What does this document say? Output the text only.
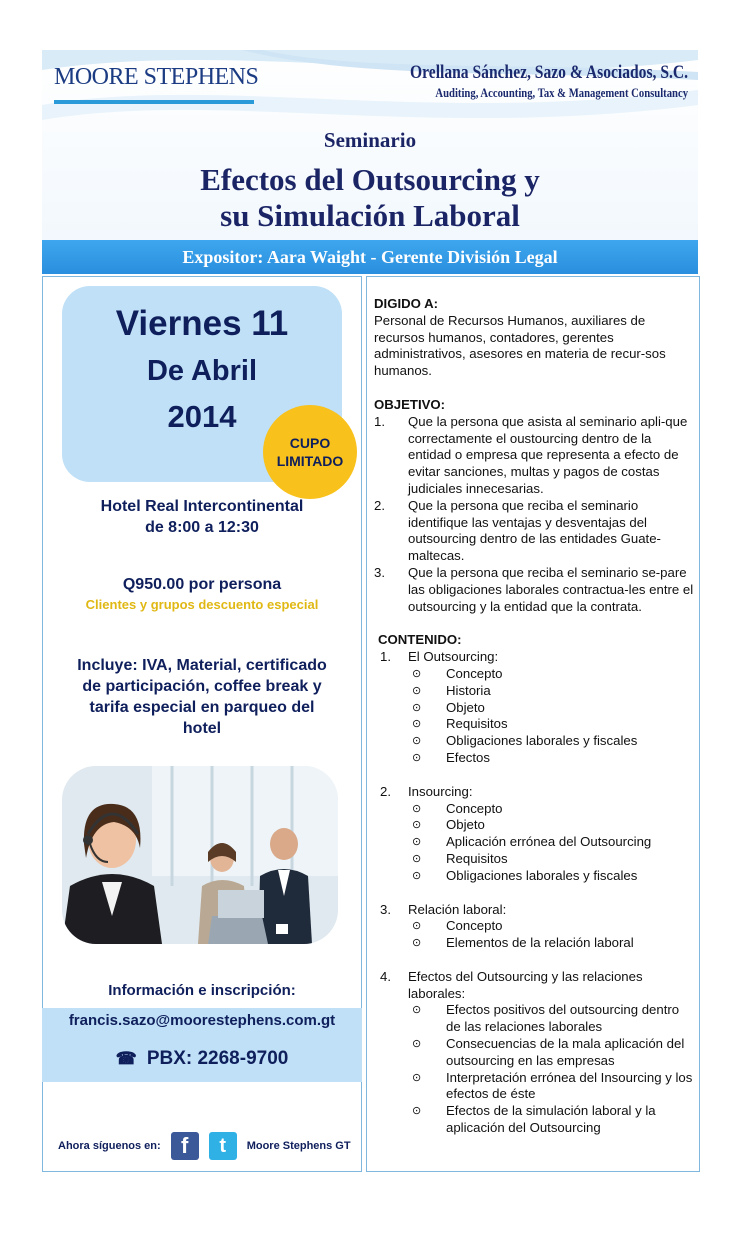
MOORE STEPHENS	Orellana Sánchez, Sazo & Asociados, S.C.
Auditing, Accounting, Tax & Management Consultancy
Seminario
Efectos del Outsourcing y
su Simulación Laboral
Expositor: Aara Waight - Gerente División Legal
Viernes 11
De Abril
2014
CUPO
LIMITADO
Hotel Real Intercontinental
de 8:00 a 12:30
Q950.00 por persona
Clientes y grupos descuento especial
Incluye: IVA, Material, certificado
de participación, coffee break y
tarifa especial en parqueo del
hotel
Información e inscripción:
francis.sazo@moorestephens.com.gt
☎ PBX: 2268-9700
Ahora síguenos en: f	t	Moore Stephens GT

DIGIDO A:

Personal de Recursos Humanos, auxiliares de recursos humanos, contadores, gerentes administrativos, asesores en materia de recur-sos humanos.

OBJETIVO:

1.	Que la persona que asista al seminario apli-que correctamente el oustourcing dentro de la entidad o empresa que representa a efecto de evitar sanciones, multas y pagos de costas judiciales innecesarias.
2.	Que la persona que reciba el seminario identifique las ventajas y desventajas del outsourcing dentro de las entidades Guate-maltecas.
3.	Que la persona que reciba el seminario se-pare las obligaciones laborales contractua-les entre el outsourcing y la entidad que la contrata.

CONTENIDO:

1.	El Outsourcing:
⊙	Concepto
⊙	Historia
⊙	Objeto
⊙	Requisitos
⊙	Obligaciones laborales y fiscales
⊙	Efectos
2.	Insourcing:
⊙	Concepto
⊙	Objeto
⊙	Aplicación errónea del Outsourcing
⊙	Requisitos
⊙	Obligaciones laborales y fiscales
3.	Relación laboral:
⊙	Concepto
⊙	Elementos de la relación laboral
4.	Efectos del Outsourcing y las relaciones laborales:
⊙	Efectos positivos del outsourcing dentro de las relaciones laborales
⊙	Consecuencias de la mala aplicación del outsourcing en las empresas
⊙	Interpretación errónea del Insourcing y los efectos de éste
⊙	Efectos de la simulación laboral y la aplicación del Outsourcing
